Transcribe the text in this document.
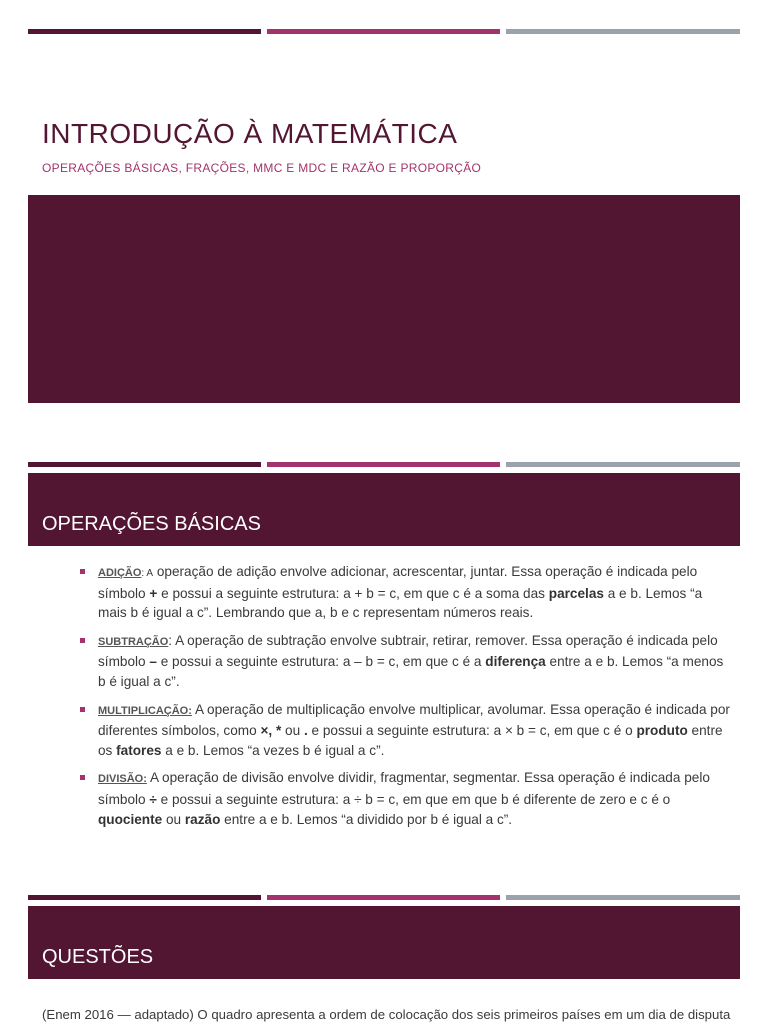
INTRODUÇÃO À MATEMÁTICA

OPERAÇÕES BÁSICAS, FRAÇÕES, MMC E MDC E RAZÃO E PROPORÇÃO

OPERAÇÕES BÁSICAS
ADIÇÃO: A operação de adição envolve adicionar, acrescentar, juntar. Essa operação é indicada pelo símbolo + e possui a seguinte estrutura: a + b = c, em que c é a soma das parcelas a e b. Lemos “a mais b é igual a c”. Lembrando que a, b e c representam números reais.
SUBTRAÇÃO: A operação de subtração envolve subtrair, retirar, remover. Essa operação é indicada pelo símbolo – e possui a seguinte estrutura: a – b = c, em que c é a diferença entre a e b. Lemos “a menos b é igual a c”.
MULTIPLICAÇÃO: A operação de multiplicação envolve multiplicar, avolumar. Essa operação é indicada por diferentes símbolos, como ×, * ou . e possui a seguinte estrutura: a × b = c, em que c é o produto entre os fatores a e b. Lemos “a vezes b é igual a c”.
DIVISÃO: A operação de divisão envolve dividir, fragmentar, segmentar. Essa operação é indicada pelo símbolo ÷ e possui a seguinte estrutura: a ÷ b = c, em que em que b é diferente de zero e c é o quociente ou razão entre a e b. Lemos “a dividido por b é igual a c”.
QUESTÕES

(Enem 2016 — adaptado) O quadro apresenta a ordem de colocação dos seis primeiros países em um dia de disputa
